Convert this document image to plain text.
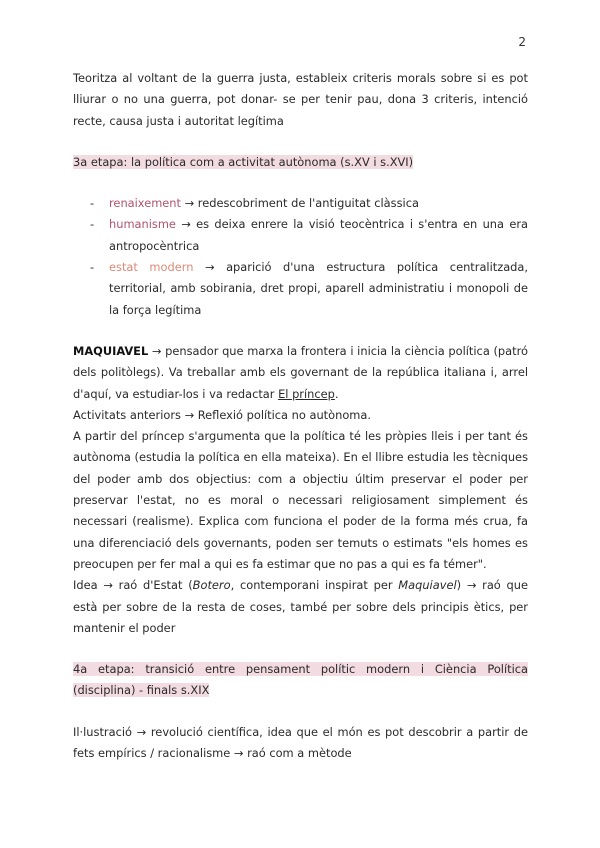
2

Teoritza al voltant de la guerra justa, estableix criteris morals sobre si es pot lliurar o no una guerra, pot donar- se per tenir pau, dona 3 criteris, intenció recte, causa justa i autoritat legítima

3a etapa: la política com a activitat autònoma (s.XV i s.XVI)

- renaixement → redescobriment de l'antiguitat clàssica
- humanisme → es deixa enrere la visió teocèntrica i s'entra en una era antropocèntrica
- estat modern → aparició d'una estructura política centralitzada, territorial, amb sobirania, dret propi, aparell administratiu i monopoli de la força legítima

MAQUIAVEL → pensador que marxa la frontera i inicia la ciència política (patró dels politòlegs). Va treballar amb els governant de la república italiana i, arrel d'aquí, va estudiar-los i va redactar El príncep.

Activitats anteriors → Reflexió política no autònoma.

A partir del príncep s'argumenta que la política té les pròpies lleis i per tant és autònoma (estudia la política en ella mateixa). En el llibre estudia les tècniques del poder amb dos objectius: com a objectiu últim preservar el poder per preservar l'estat, no es moral o necessari religiosament simplement és necessari (realisme). Explica com funciona el poder de la forma més crua, fa una diferenciació dels governants, poden ser temuts o estimats "els homes es preocupen per fer mal a qui es fa estimar que no pas a qui es fa témer".

Idea → raó d'Estat (Botero, contemporani inspirat per Maquiavel) → raó que està per sobre de la resta de coses, també per sobre dels principis ètics, per mantenir el poder

4a etapa: transició entre pensament polític modern i Ciència Política (disciplina) - finals s.XIX

Il·lustració → revolució científica, idea que el món es pot descobrir a partir de fets empírics / racionalisme → raó com a mètode
